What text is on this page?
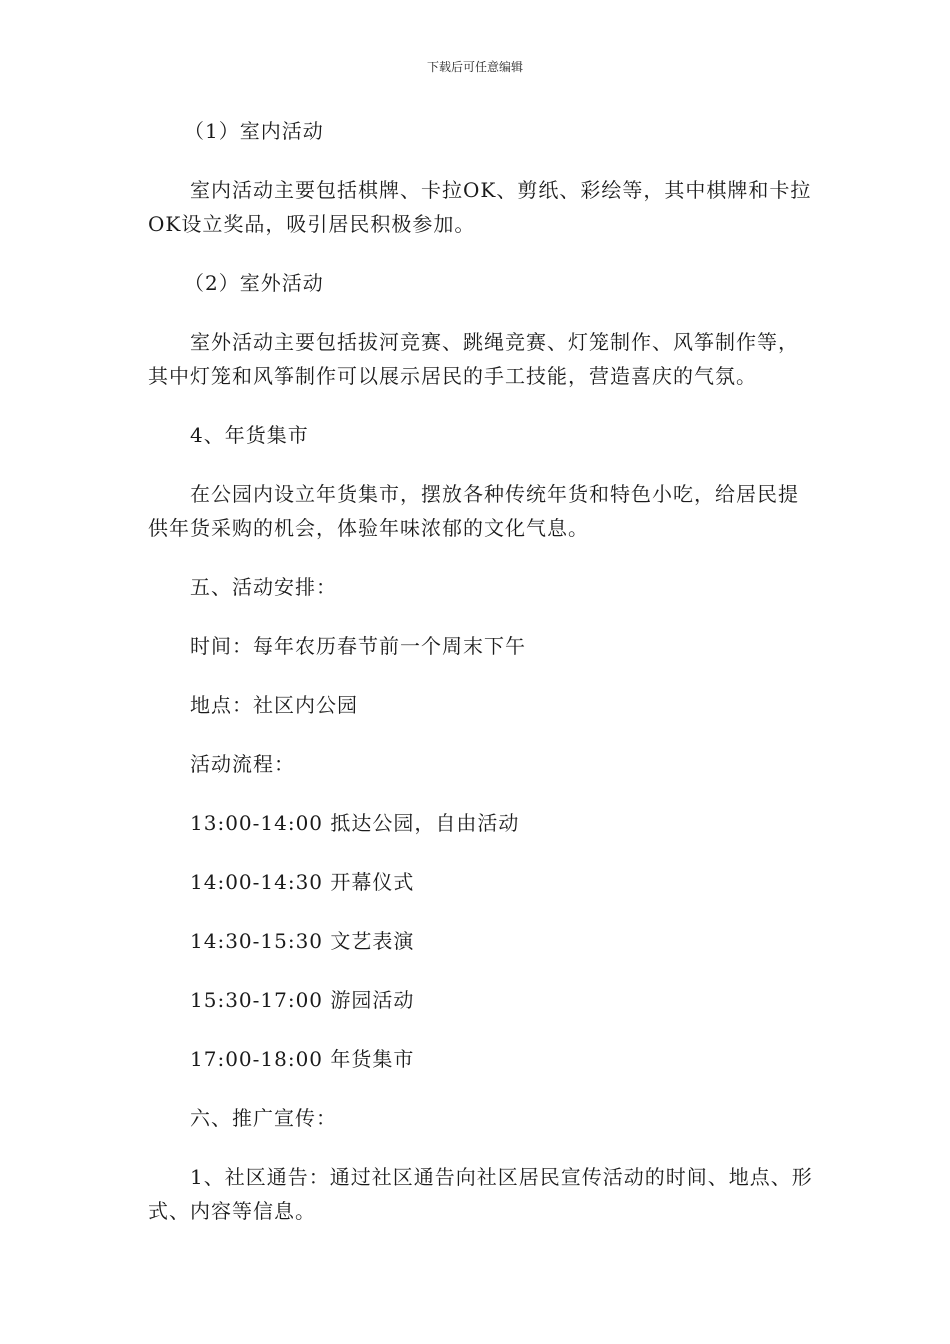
下载后可任意编辑

（1）室内活动

室内活动主要包括棋牌、卡拉OK、剪纸、彩绘等，其中棋牌和卡拉OK设立奖品，吸引居民积极参加。

（2）室外活动

室外活动主要包括拔河竞赛、跳绳竞赛、灯笼制作、风筝制作等，其中灯笼和风筝制作可以展示居民的手工技能，营造喜庆的气氛。

4、年货集市

在公园内设立年货集市，摆放各种传统年货和特色小吃，给居民提供年货采购的机会，体验年味浓郁的文化气息。

五、活动安排：

时间：每年农历春节前一个周末下午

地点：社区内公园

活动流程：

13:00-14:00 抵达公园，自由活动

14:00-14:30 开幕仪式

14:30-15:30 文艺表演

15:30-17:00 游园活动

17:00-18:00 年货集市

六、推广宣传：

1、社区通告：通过社区通告向社区居民宣传活动的时间、地点、形式、内容等信息。
